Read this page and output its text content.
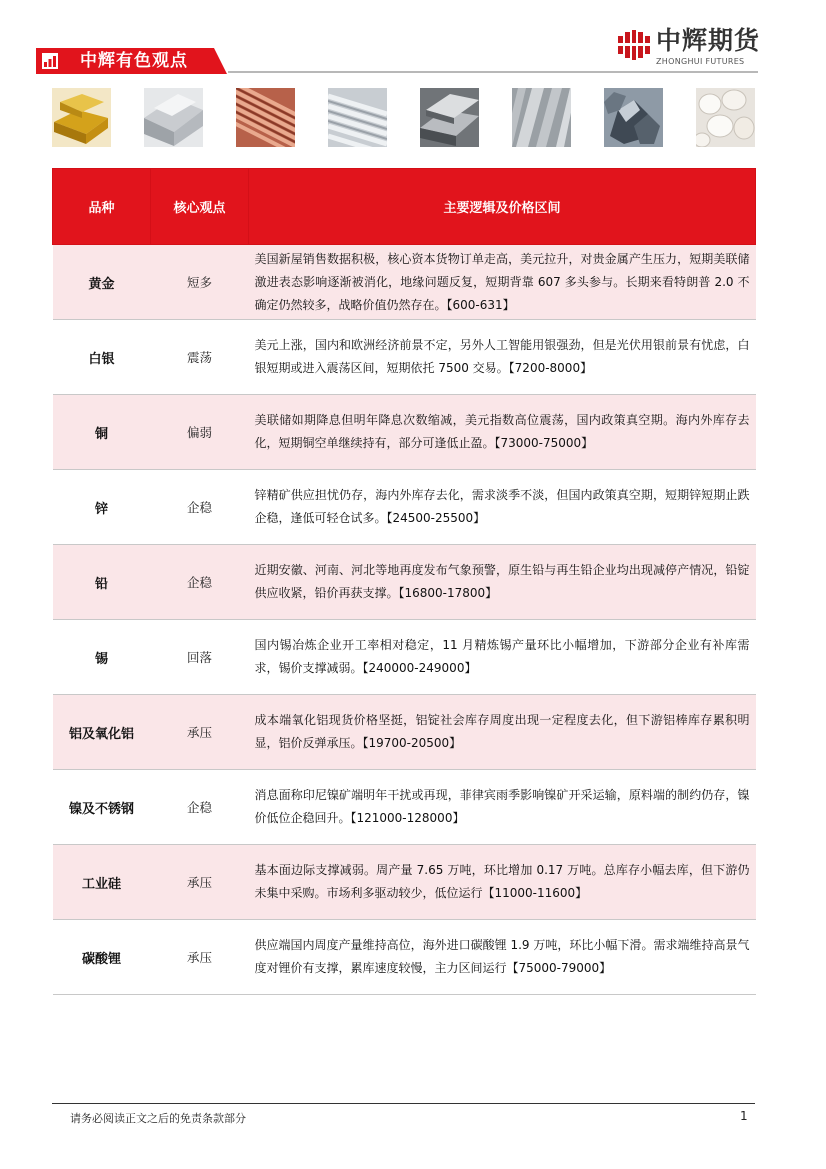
中辉有色观点
中辉期货
ZHONGHUI FUTURES
品种	核心观点	主要逻辑及价格区间
黄金	短多	美国新屋销售数据积极，核心资本货物订单走高，美元拉升，对贵金属产生压力，短期美联储激进表态影响逐渐被消化，地缘问题反复，短期背靠 607 多头参与。长期来看特朗普 2.0 不确定仍然较多，战略价值仍然存在。【600-631】
白银	震荡	美元上涨，国内和欧洲经济前景不定，另外人工智能用银强劲，但是光伏用银前景有忧虑，白银短期或进入震荡区间，短期依托 7500 交易。【7200-8000】
铜	偏弱	美联储如期降息但明年降息次数缩减，美元指数高位震荡，国内政策真空期。海内外库存去化，短期铜空单继续持有，部分可逢低止盈。【73000-75000】
锌	企稳	锌精矿供应担忧仍存，海内外库存去化，需求淡季不淡，但国内政策真空期，短期锌短期止跌企稳，逢低可轻仓试多。【24500-25500】
铅	企稳	近期安徽、河南、河北等地再度发布气象预警，原生铅与再生铅企业均出现减停产情况，铅锭供应收紧，铅价再获支撑。【16800-17800】
锡	回落	国内锡冶炼企业开工率相对稳定，11 月精炼锡产量环比小幅增加，下游部分企业有补库需求，锡价支撑减弱。【240000-249000】
铝及氧化铝	承压	成本端氧化铝现货价格坚挺，铝锭社会库存周度出现一定程度去化，但下游铝棒库存累积明显，铝价反弹承压。【19700-20500】
镍及不锈钢	企稳	消息面称印尼镍矿端明年干扰或再现，菲律宾雨季影响镍矿开采运输，原料端的制约仍存，镍价低位企稳回升。【121000-128000】
工业硅	承压	基本面边际支撑减弱。周产量 7.65 万吨，环比增加 0.17 万吨。总库存小幅去库，但下游仍未集中采购。市场利多驱动较少，低位运行【11000-11600】
碳酸锂	承压	供应端国内周度产量维持高位，海外进口碳酸锂 1.9 万吨，环比小幅下滑。需求端维持高景气度对锂价有支撑，累库速度较慢，主力区间运行【75000-79000】
请务必阅读正文之后的免责条款部分	1
